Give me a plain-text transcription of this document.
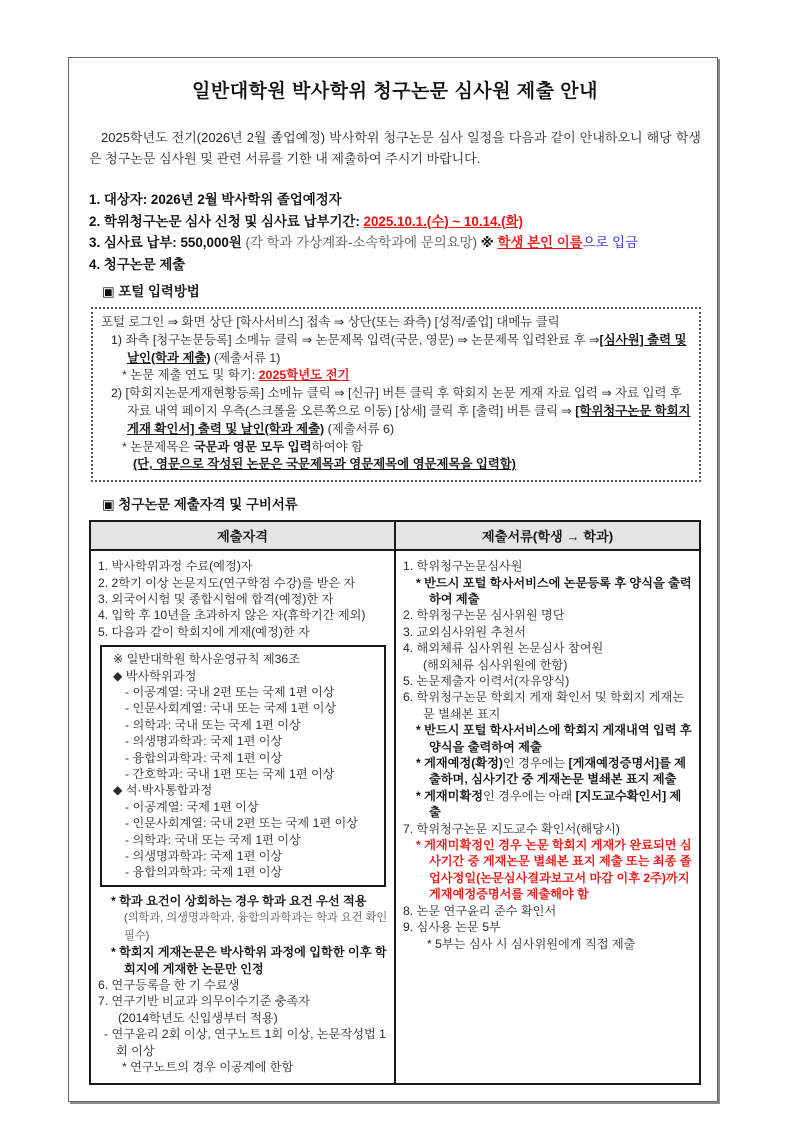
일반대학원 박사학위 청구논문 심사원 제출 안내

2025학년도 전기(2026년 2월 졸업예정) 박사학위 청구논문 심사 일정을 다음과 같이 안내하오니 해당 학생은 청구논문 심사원 및 관련 서류를 기한 내 제출하여 주시기 바랍니다.

1. 대상자: 2026년 2월 박사학위 졸업예정자
2. 학위청구논문 심사 신청 및 심사료 납부기간: 2025.10.1.(수) ~ 10.14.(화)
3. 심사료 납부: 550,000원 (각 학과 가상계좌-소속학과에 문의요망) ※ 학생 본인 이름으로 입금
4. 청구논문 제출
▣ 포털 입력방법
포털 로그인 ⇒ 화면 상단 [학사서비스] 접속 ⇒ 상단(또는 좌측) [성적/졸업] 대메뉴 클릭
1) 좌측 [청구논문등록] 소메뉴 클릭 ⇒ 논문제목 입력(국문, 영문) ⇒ 논문제목 입력완료 후 ⇒[심사원] 출력 및 날인(학과 제출) (제출서류 1)
* 논문 제출 연도 및 학기: 2025학년도 전기
2) [학회지논문게재현황등록] 소메뉴 클릭 ⇒ [신규] 버튼 클릭 후 학회지 논문 게재 자료 입력 ⇒ 자료 입력 후 자료 내역 페이지 우측(스크롤을 오른쪽으로 이동) [상세] 클릭 후 [출력] 버튼 클릭 ⇒ [학위청구논문 학회지 게재 확인서] 출력 및 날인(학과 제출) (제출서류 6)
* 논문제목은 국문과 영문 모두 입력하여야 함
(단, 영문으로 작성된 논문은 국문제목과 영문제목에 영문제목을 입력함)
▣ 청구논문 제출자격 및 구비서류
제출자격	제출서류(학생 → 학과)

1. 박사학위과정 수료(예정)자
2. 2학기 이상 논문지도(연구학점 수강)를 받은 자
3. 외국어시험 및 종합시험에 합격(예정)한 자
4. 입학 후 10년을 초과하지 않은 자(휴학기간 제외)
5. 다음과 같이 학회지에 게재(예정)한 자
※ 일반대학원 학사운영규칙 제36조
◆ 박사학위과정
- 이공계열: 국내 2편 또는 국제 1편 이상
- 인문사회계열: 국내 또는 국제 1편 이상
- 의학과: 국내 또는 국제 1편 이상
- 의생명과학과: 국제 1편 이상
- 융합의과학과: 국제 1편 이상
- 간호학과: 국내 1편 또는 국제 1편 이상
◆ 석·박사통합과정
- 이공계열: 국제 1편 이상
- 인문사회계열: 국내 2편 또는 국제 1편 이상
- 의학과: 국내 또는 국제 1편 이상
- 의생명과학과: 국제 1편 이상
- 융합의과학과: 국제 1편 이상
* 학과 요건이 상회하는 경우 학과 요건 우선 적용
(의학과, 의생명과학과, 융합의과학과는 학과 요건 확인 필수)
* 학회지 게재논문은 박사학위 과정에 입학한 이후 학회지에 게재한 논문만 인정
6. 연구등록을 한 기 수료생
7. 연구기반 비교과 의무이수기준 충족자
(2014학년도 신입생부터 적용)
- 연구윤리 2회 이상, 연구노트 1회 이상, 논문작성법 1회 이상
* 연구노트의 경우 이공계에 한함

1. 학위청구논문심사원
* 반드시 포털 학사서비스에 논문등록 후 양식을 출력하여 제출
2. 학위청구논문 심사위원 명단
3. 교외심사위원 추천서
4. 해외체류 심사위원 논문심사 참여원
(해외체류 심사위원에 한함)
5. 논문제출자 이력서(자유양식)
6. 학위청구논문 학회지 게재 확인서 및 학회지 게재논문 별쇄본 표지
* 반드시 포털 학사서비스에 학회지 게재내역 입력 후 양식을 출력하여 제출
* 게재예정(확정)인 경우에는 [게재예정증명서]를 제출하며, 심사기간 중 게재논문 별쇄본 표지 제출
* 게재미확정인 경우에는 아래 [지도교수확인서] 제출
7. 학위청구논문 지도교수 확인서(해당시)
* 게재미확정인 경우 논문 학회지 게재가 완료되면 심사기간 중 게재논문 별쇄본 표지 제출 또는 최종 졸업사정일(논문심사결과보고서 마감 이후 2주)까지 게재예정증명서를 제출해야 함
8. 논문 연구윤리 준수 확인서
9. 심사용 논문 5부
* 5부는 심사 시 심사위원에게 직접 제출
